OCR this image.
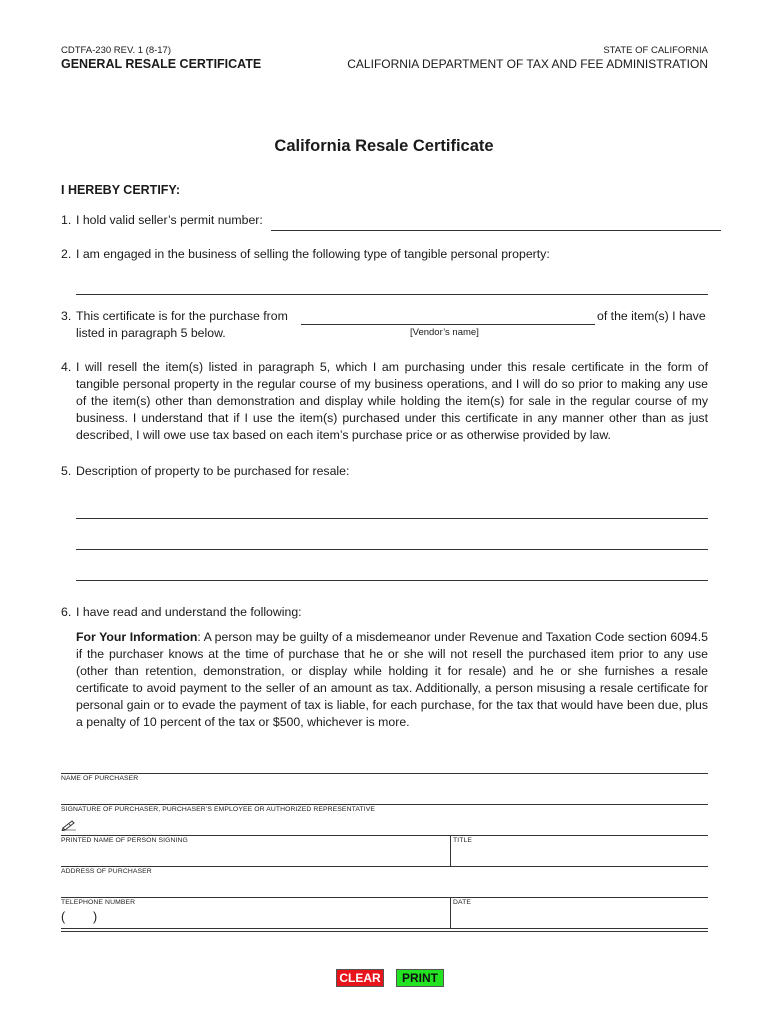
CDTFA-230 REV. 1 (8-17)
GENERAL RESALE CERTIFICATE
STATE OF CALIFORNIA
CALIFORNIA DEPARTMENT OF TAX AND FEE ADMINISTRATION
California Resale Certificate
I HEREBY CERTIFY:
1. I hold valid seller’s permit number:
2. I am engaged in the business of selling the following type of tangible personal property:
3. This certificate is for the purchase from	of the item(s) I have
listed in paragraph 5 below.	[Vendor’s name]
4. I will resell the item(s) listed in paragraph 5, which I am purchasing under this resale certificate in the form of tangible personal property in the regular course of my business operations, and I will do so prior to making any use of the item(s) other than demonstration and display while holding the item(s) for sale in the regular course of my business. I understand that if I use the item(s) purchased under this certificate in any manner other than as just described, I will owe use tax based on each item’s purchase price or as otherwise provided by law.
5. Description of property to be purchased for resale:
6. I have read and understand the following:
For Your Information: A person may be guilty of a misdemeanor under Revenue and Taxation Code section 6094.5 if the purchaser knows at the time of purchase that he or she will not resell the purchased item prior to any use (other than retention, demonstration, or display while holding it for resale) and he or she furnishes a resale certificate to avoid payment to the seller of an amount as tax. Additionally, a person misusing a resale certificate for personal gain or to evade the payment of tax is liable, for each purchase, for the tax that would have been due, plus a penalty of 10 percent of the tax or $500, whichever is more.
NAME OF PURCHASER
SIGNATURE OF PURCHASER, PURCHASER’S EMPLOYEE OR AUTHORIZED REPRESENTATIVE
PRINTED NAME OF PERSON SIGNING	TITLE
ADDRESS OF PURCHASER
TELEPHONE NUMBER
(        )
DATE
CLEAR	PRINT
